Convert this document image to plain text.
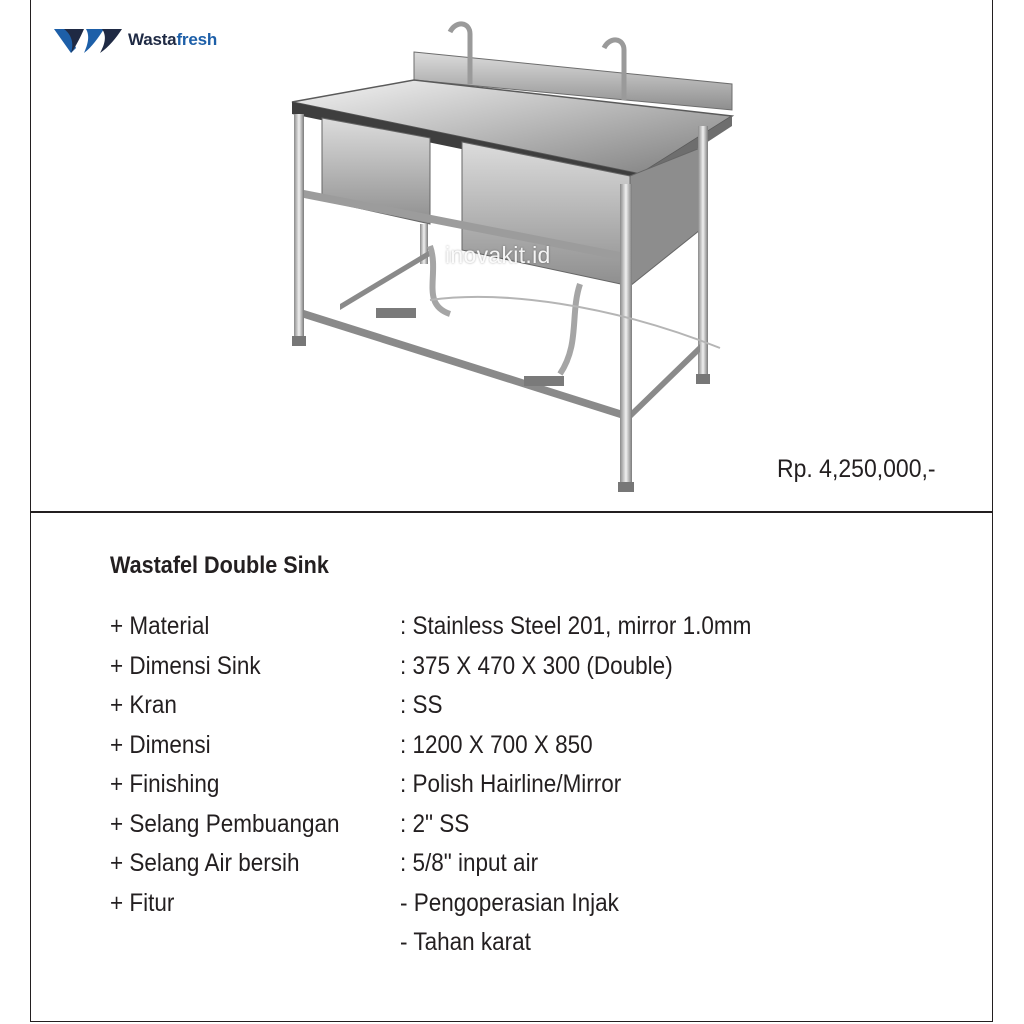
Wastafresh
inovakit.id
Rp. 4,250,000,-
Wastafel Double Sink
+ Material	: Stainless Steel 201, mirror 1.0mm
+ Dimensi Sink	: 375 X 470 X 300 (Double)
+ Kran	: SS
+ Dimensi	: 1200 X 700 X 850
+ Finishing	: Polish Hairline/Mirror
+ Selang Pembuangan	: 2" SS
+ Selang Air bersih	: 5/8" input air
+ Fitur	- Pengoperasian Injak
- Tahan karat
